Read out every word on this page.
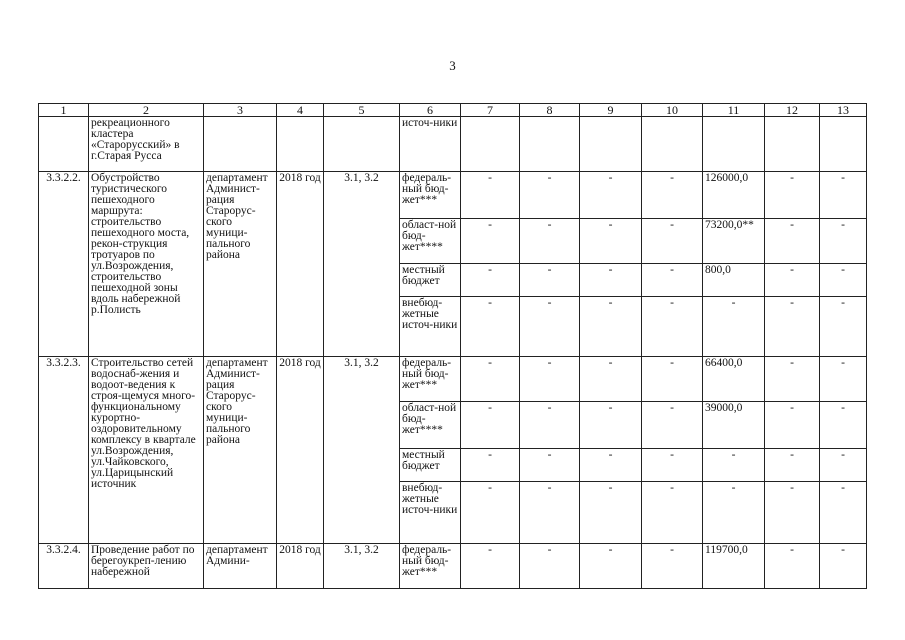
3
1	2	3	4	5	6	7	8	9	10	11	12	13
	рекреационного кластера «Старорусский» в г.Старая Русса				источ-ники							
3.3.2.2.	Обустройство туристического пешеходного маршрута: строительство пешеходного моста, рекон-струкция тротуаров по ул.Возрождения, строительство пешеходной зоны вдоль набережной р.Полисть	департамент Админист-рация Старорус-ского муници-пального района	2018 год	3.1, 3.2	федераль-ный бюд-жет***	-	-	-	-	126000,0	-	-
					област-ной бюд-жет****	-	-	-	-	73200,0**	-	-
					местный бюджет	-	-	-	-	800,0	-	-
					внебюд-жетные источ-ники	-	-	-	-	-	-	-
3.3.2.3.	Строительство сетей водоснаб-жения и водоот-ведения к строя-щемуся много-функциональному курортно-оздоровительному комплексу в квартале ул.Возрождения, ул.Чайковского, ул.Царицынский источник	департамент Админист-рация Старорус-ского муници-пального района	2018 год	3.1, 3.2	федераль-ный бюд-жет***	-	-	-	-	66400,0	-	-
					област-ной бюд-жет****	-	-	-	-	39000,0	-	-
					местный бюджет	-	-	-	-	-	-	-
					внебюд-жетные источ-ники	-	-	-	-	-	-	-
3.3.2.4.	Проведение работ по берегоукреп-лению набережной	департамент Админи-	2018 год	3.1, 3.2	федераль-ный бюд-жет***	-	-	-	-	119700,0	-	-
